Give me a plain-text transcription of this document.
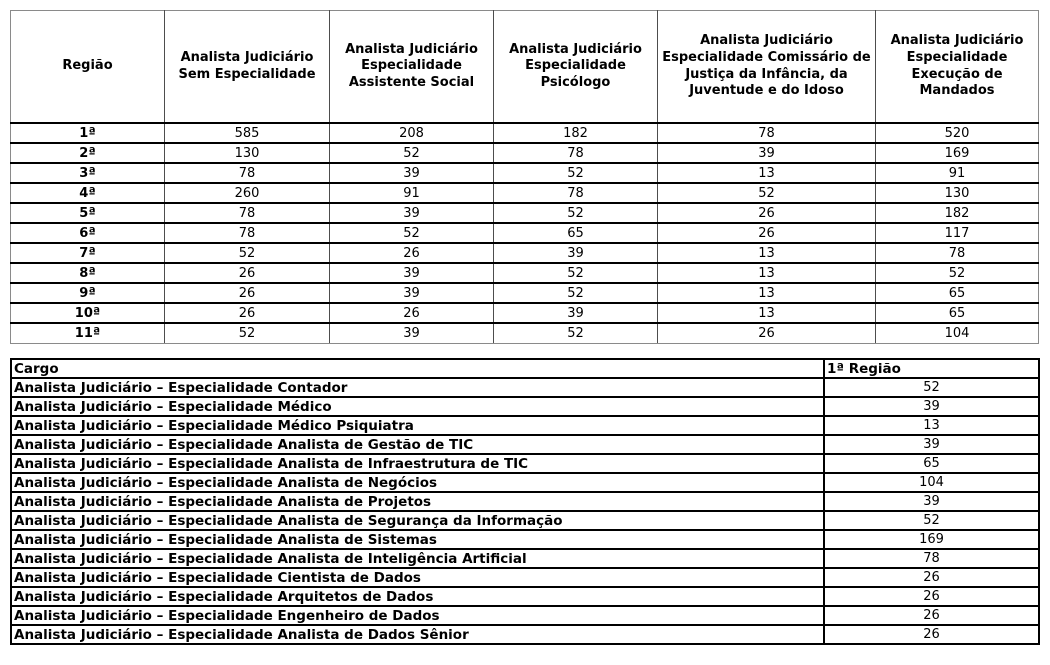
Região	Analista Judiciário Sem Especialidade	Analista Judiciário Especialidade Assistente Social	Analista Judiciário Especialidade Psicólogo	Analista Judiciário Especialidade Comissário de Justiça da Infância, da Juventude e do Idoso	Analista Judiciário Especialidade Execução de Mandados
1ª	585	208	182	78	520
2ª	130	52	78	39	169
3ª	78	39	52	13	91
4ª	260	91	78	52	130
5ª	78	39	52	26	182
6ª	78	52	65	26	117
7ª	52	26	39	13	78
8ª	26	39	52	13	52
9ª	26	39	52	13	65
10ª	26	26	39	13	65
11ª	52	39	52	26	104
Cargo	1ª Região
Analista Judiciário – Especialidade Contador	52
Analista Judiciário – Especialidade Médico	39
Analista Judiciário – Especialidade Médico Psiquiatra	13
Analista Judiciário – Especialidade Analista de Gestão de TIC	39
Analista Judiciário – Especialidade Analista de Infraestrutura de TIC	65
Analista Judiciário – Especialidade Analista de Negócios	104
Analista Judiciário – Especialidade Analista de Projetos	39
Analista Judiciário – Especialidade Analista de Segurança da Informação	52
Analista Judiciário – Especialidade Analista de Sistemas	169
Analista Judiciário – Especialidade Analista de Inteligência Artificial	78
Analista Judiciário – Especialidade Cientista de Dados	26
Analista Judiciário – Especialidade Arquitetos de Dados	26
Analista Judiciário – Especialidade Engenheiro de Dados	26
Analista Judiciário – Especialidade Analista de Dados Sênior	26
